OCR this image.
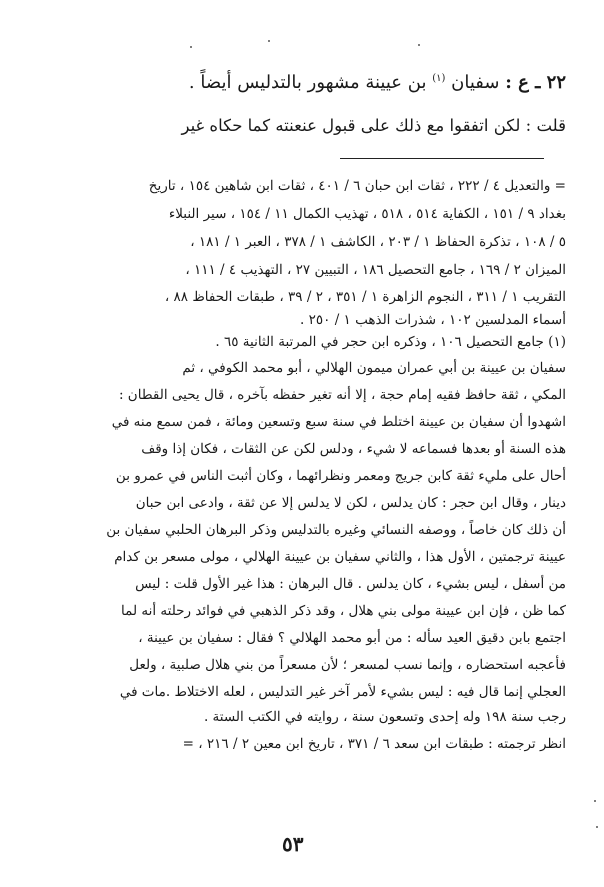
٢٢ ـ ع : سفيان $^{(١)}$ بن عيينة مشهور بالتدليس أيضاً .
قلت : لكن اتفقوا مع ذلك على قبول عنعنته كما حكاه غير
= والتعديل ٤ / ٢٢٢ ، ثقات ابن حبان ٦ / ٤٠١ ، ثقات ابن شاهين ١٥٤ ، تاريخ
بغداد ٩ / ١٥١ ، الكفاية ٥١٤ ، ٥١٨ ، تهذيب الكمال ١١ / ١٥٤ ، سير النبلاء
٥ / ١٠٨ ، تذكرة الحفاظ ١ / ٢٠٣ ، الكاشف ١ / ٣٧٨ ، العبر ١ / ١٨١ ،
الميزان ٢ / ١٦٩ ، جامع التحصيل ١٨٦ ، التبيين ٢٧ ، التهذيب ٤ / ١١١ ،
التقريب ١ / ٣١١ ، النجوم الزاهرة ١ / ٣٥١ ، ٢ / ٣٩ ، طبقات الحفاظ ٨٨ ،
أسماء المدلسين ١٠٢ ، شذرات الذهب ١ / ٢٥٠ .
(١) جامع التحصيل ١٠٦ ، وذكره ابن حجر في المرتبة الثانية ٦٥ .
سفيان بن عيينة بن أبي عمران ميمون الهلالي ، أبو محمد الكوفي ، ثم
المكي ، ثقة حافظ فقيه إمام حجة ، إلا أنه تغير حفظه بآخره ، قال يحيى القطان :
اشهدوا أن سفيان بن عيينة اختلط في سنة سبع وتسعين ومائة ، فمن سمع منه في
هذه السنة أو بعدها فسماعه لا شيء ، ودلس لكن عن الثقات ، فكان إذا وقف
أحال على مليء ثقة كابن جريج ومعمر ونظرائهما ، وكان أثبت الناس في عمرو بن
دينار ، وقال ابن حجر : كان يدلس ، لكن لا يدلس إلا عن ثقة ، وادعى ابن حبان
أن ذلك كان خاصاً ، ووصفه النسائي وغيره بالتدليس وذكر البرهان الحلبي سفيان بن
عيينة ترجمتين ، الأول هذا ، والثاني سفيان بن عيينة الهلالي ، مولى مسعر بن كدام
من أسفل ، ليس بشيء ، كان يدلس . قال البرهان : هذا غير الأول قلت : ليس
كما ظن ، فإن ابن عيينة مولى بني هلال ، وقد ذكر الذهبي في فوائد رحلته أنه لما
اجتمع بابن دقيق العيد سأله : من أبو محمد الهلالي ؟ فقال : سفيان بن عيينة ،
فأعجبه استحضاره ، وإنما نسب لمسعر ؛ لأن مسعراً من بني هلال صلبية ، ولعل
العجلي إنما قال فيه : ليس بشيء لأمر آخر غير التدليس ، لعله الاختلاط .مات في
رجب سنة ١٩٨ وله إحدى وتسعون سنة ، روايته في الكتب الستة .
انظر ترجمته : طبقات ابن سعد ٦ / ٣٧١ ، تاريخ ابن معين ٢ / ٢١٦ ، =
٥٣
